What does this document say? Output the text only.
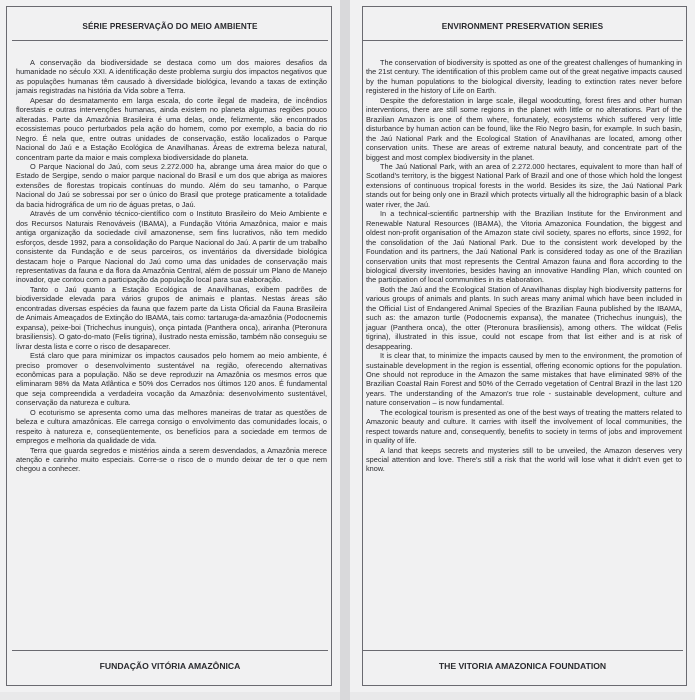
SÉRIE PRESERVAÇÃO DO MEIO AMBIENTE

A conservação da biodiversidade se destaca como um dos maiores desafios da humanidade no século XXI. A identificação deste problema surgiu dos impactos negativos que as populações humanas têm causado à diversidade biológica, levando a taxas de extinção jamais registradas na história da Vida sobre a Terra.

Apesar do desmatamento em larga escala, do corte ilegal de madeira, de incêndios florestais e outras intervenções humanas, ainda existem no planeta algumas regiões pouco alteradas. Parte da Amazônia Brasileira é uma delas, onde, felizmente, são encontrados ecossistemas pouco perturbados pela ação do homem, como por exemplo, a bacia do rio Negro. É nela que, entre outras unidades de conservação, estão localizados o Parque Nacional do Jaú e a Estação Ecológica de Anavilhanas. Áreas de extrema beleza natural, concentram parte da maior e mais complexa biodiversidade do planeta.

O Parque Nacional do Jaú, com seus 2.272.000 ha, abrange uma área maior do que o Estado de Sergipe, sendo o maior parque nacional do Brasil e um dos que abriga as maiores extensões de florestas tropicais contínuas do mundo. Além do seu tamanho, o Parque Nacional do Jaú se sobressai por ser o único do Brasil que protege praticamente a totalidade da bacia hidrográfica de um rio de águas pretas, o Jaú.

Através de um convênio técnico-científico com o Instituto Brasileiro do Meio Ambiente e dos Recursos Naturais Renováveis (IBAMA), a Fundação Vitória Amazônica, maior e mais antiga organização da sociedade civil amazonense, sem fins lucrativos, não tem medido esforços, desde 1992, para a consolidação do Parque Nacional do Jaú. A partir de um trabalho consistente da Fundação e de seus parceiros, os inventários da diversidade biológica destacam hoje o Parque Nacional do Jaú como uma das unidades de conservação mais representativas da fauna e da flora da Amazônia Central, além de possuir um Plano de Manejo inovador, que contou com a participação da população local para sua elaboração.

Tanto o Jaú quanto a Estação Ecológica de Anavilhanas, exibem padrões de biodiversidade elevada para vários grupos de animais e plantas. Nestas áreas são encontradas diversas espécies da fauna que fazem parte da Lista Oficial da Fauna Brasileira de Animais Ameaçados de Extinção do IBAMA, tais como: tartaruga-da-amazônia (Podocnemis expansa), peixe-boi (Trichechus inunguis), onça pintada (Panthera onca), ariranha (Pteronura brasiliensis). O gato-do-mato (Felis tigrina), ilustrado nesta emissão, também não conseguiu se livrar desta lista e corre o risco de desaparecer.

Está claro que para minimizar os impactos causados pelo homem ao meio ambiente, é preciso promover o desenvolvimento sustentável na região, oferecendo alternativas econômicas para a população. Não se deve reproduzir na Amazônia os mesmos erros que eliminaram 98% da Mata Atlântica e 50% dos Cerrados nos últimos 120 anos. É fundamental que seja compreendida a verdadeira vocação da Amazônia: desenvolvimento sustentável, conservação da natureza e cultura.

O ecoturismo se apresenta como uma das melhores maneiras de tratar as questões de beleza e cultura amazônicas. Ele carrega consigo o envolvimento das comunidades locais, o respeito à natureza e, conseqüentemente, os benefícios para a sociedade em termos de empregos e melhoria da qualidade de vida.

Terra que guarda segredos e mistérios ainda a serem desvendados, a Amazônia merece atenção e carinho muito especiais. Corre-se o risco de o mundo deixar de ter o que nem chegou a conhecer.

FUNDAÇÃO VITÓRIA AMAZÔNICA
ENVIRONMENT PRESERVATION SERIES

The conservation of biodiversity is spotted as one of the greatest challenges of humanking in the 21st century. The identification of this problem came out of the great negative impacts caused by the human populations to the biological diversity, leading to extinction rates never before registered in the history of Life on Earth.

Despite the deforestation in large scale, illegal woodcutting, forest fires and other human interventions, there are still some regions in the planet with little or no alterations. Part of the Brazilian Amazon is one of them where, fortunately, ecosystems which suffered very little disturbance by human action can be found, like the Rio Negro basin, for example. In such basin, the Jaú National Park and the Ecological Station of Anavilhanas are located, among other conservation units. These are areas of extreme natural beauty, and concentrate part of the biggest and most complex biodiversity in the planet.

The Jaú National Park, with an area of 2.272.000 hectares, equivalent to more than half of Scotland's territory, is the biggest National Park of Brazil and one of those which hold the longest extensions of continuous tropical forests in the world. Besides its size, the Jaú National Park stands out for being only one in Brazil which protects virtually all the hidrographic basin of a black water river, the Jaú.

In a technical-scientific partnership with the Brazilian Institute for the Environment and Renewable Natural Resources (IBAMA), the Vitoria Amazonica Foundation, the biggest and oldest non-profit organisation of the Amazon state civil society, spares no efforts, since 1992, for the consolidation of the Jaú National Park. Due to the consistent work developed by the Foundation and its partners, the Jaú National Park is considered today as one of the Brazilian conservation units that most represents the Central Amazon fauna and flora according to the biological diversity inventories, besides having an innovative Handling Plan, which counted on the participation of local communities in its elaboration.

Both the Jaú and the Ecological Station of Anavilhanas display high biodiversity patterns for various groups of animals and plants. In such areas many animal which have been included in the Official List of Endangered Animal Species of the Brazilian Fauna published by the IBAMA, such as: the amazon turtle (Podocnemis expansa), the manatee (Trichechus inunguis), the jaguar (Panthera onca), the otter (Pteronura brasiliensis), among others. The wildcat (Felis tigrina), illustrated in this issue, could not escape from that list either and is at risk of desappearing.

It is clear that, to minimize the impacts caused by men to the environment, the promotion of sustainable development in the region is essential, offering economic options for the population. One should not reproduce in the Amazon the same mistakes that have eliminated 98% of the Brazilian Coastal Rain Forest and 50% of the Cerrado vegetation of Central Brazil in the last 120 years. The understanding of the Amazon's true role - sustainable development, culture and nature conservation – is now fundamental.

The ecological tourism is presented as one of the best ways of treating the matters related to Amazonic beauty and culture. It carries with itself the involvement of local communities, the respect towards nature and, consequently, benefits to society in terms of jobs and improvement in quality of life.

A land that keeps secrets and mysteries still to be unveiled, the Amazon deserves very special attention and love. There's still a risk that the world will lose what it didn't even get to know.

THE VITORIA AMAZONICA FOUNDATION
